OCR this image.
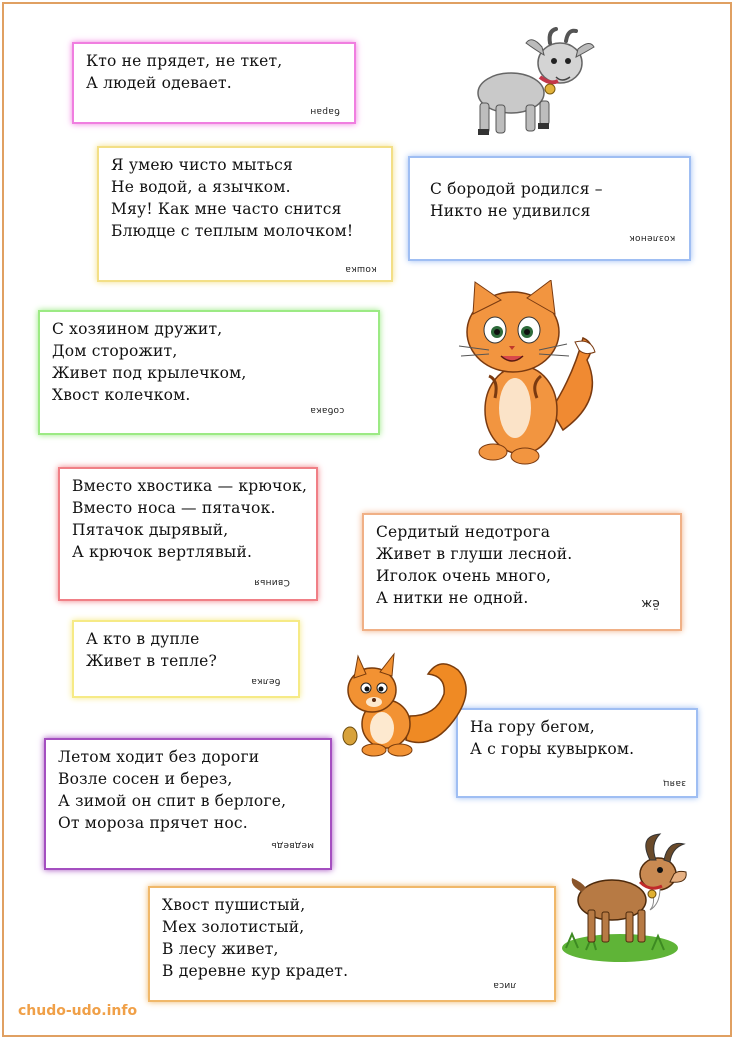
Кто не прядет, не ткет,
А людей одевает.
баран
Я умею чисто мыться
Не водой, а язычком.
Мяу! Как мне часто снится
Блюдце с теплым молочком!
кошка
С бородой родился –
Никто не удивился
козленок
С хозяином дружит,
Дом сторожит,
Живет под крылечком,
Хвост колечком.
собака
Вместо хвостика — крючок,
Вместо носа — пятачок.
Пятачок дырявый,
А крючок вертлявый.
Свинья
Сердитый недотрога
Живет в глуши лесной.
Иголок очень много,
А нитки не одной.	ёж
А кто в дупле
Живет в тепле?
белка
На гору бегом,
А с горы кувырком.
заяц
Летом ходит без дороги
Возле сосен и берез,
А зимой он спит в берлоге,
От мороза прячет нос.
медведь
Хвост пушистый,
Мех золотистый,
В лесу живет,
В деревне кур крадет.
лиса
chudo-udo.info
